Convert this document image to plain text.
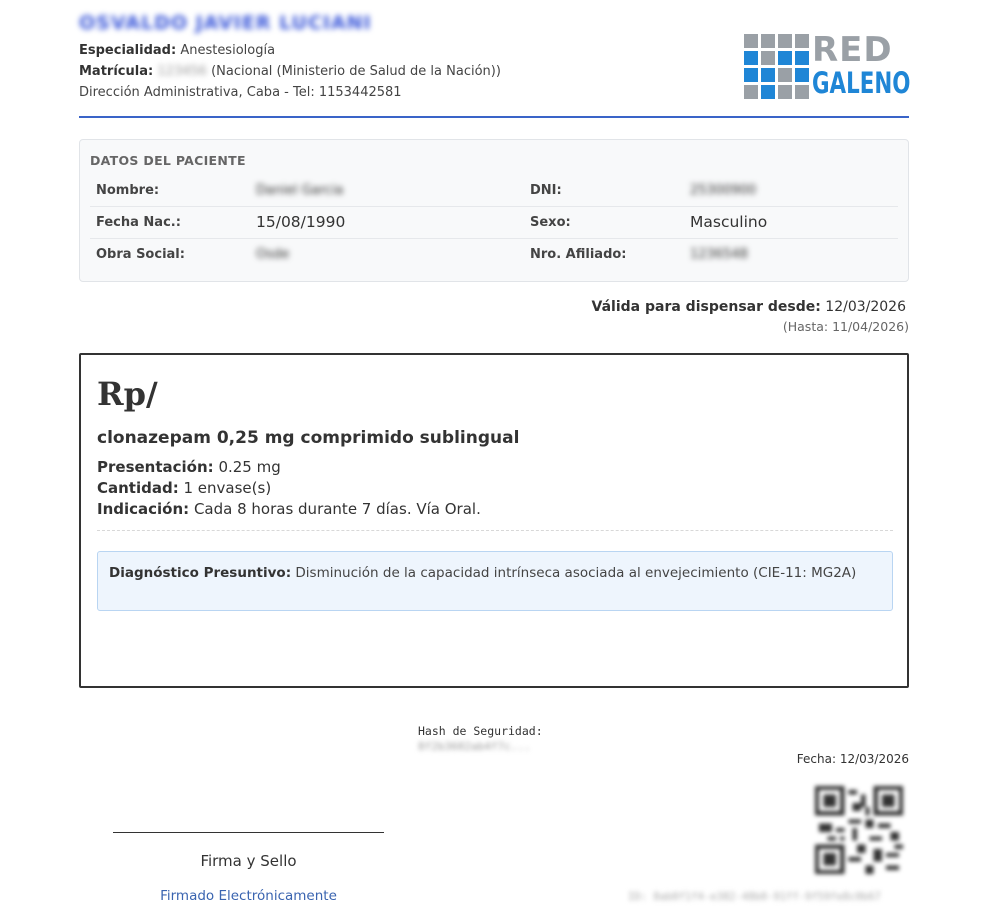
OSVALDO JAVIER LUCIANI
Especialidad: Anestesiología
Matrícula: 123456 (Nacional (Ministerio de Salud de la Nación))
Dirección Administrativa, Caba - Tel: 1153442581
RED
GALENO
DATOS DEL PACIENTE
Nombre:	Daniel Garcia	DNI:	25300900
Fecha Nac.:	15/08/1990	Sexo:	Masculino
Obra Social:	Osde	Nro. Afiliado:	1236548
Válida para dispensar desde: 12/03/2026
(Hasta: 11/04/2026)
Rp/
clonazepam 0,25 mg comprimido sublingual
Presentación: 0.25 mg
Cantidad: 1 envase(s)
Indicación: Cada 8 horas durante 7 días. Vía Oral.
Diagnóstico Presuntivo: Disminución de la capacidad intrínseca asociada al envejecimiento (CIE-11: MG2A)
Hash de Seguridad:
8f2b3602ab4f7c...
Fecha: 12/03/2026
ID: 8ab0f1f4-e382-48b0-91ff-9f59fe8c0b67
Firma y Sello
Firmado Electrónicamente
